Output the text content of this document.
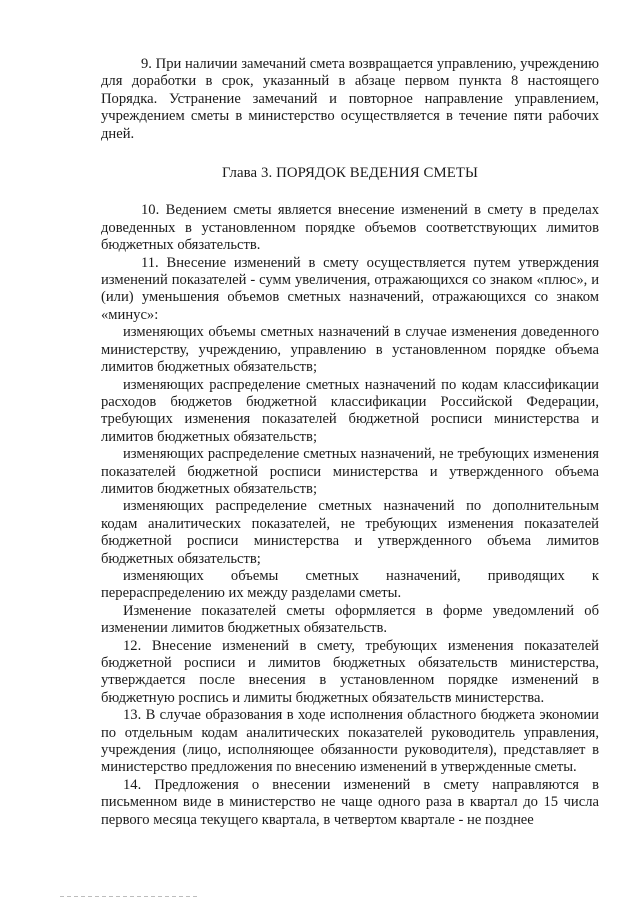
9. При наличии замечаний смета возвращается управлению, учреждению для доработки в срок, указанный в абзаце первом пункта 8 настоящего Порядка. Устранение замечаний и повторное направление управлением, учреждением сметы в министерство осуществляется в течение пяти рабочих дней.

Глава 3. ПОРЯДОК ВЕДЕНИЯ СМЕТЫ

10. Ведением сметы является внесение изменений в смету в пределах доведенных в установленном порядке объемов соответствующих лимитов бюджетных обязательств.

11. Внесение изменений в смету осуществляется путем утверждения изменений показателей - сумм увеличения, отражающихся со знаком «плюс», и (или) уменьшения объемов сметных назначений, отражающихся со знаком «минус»:

изменяющих объемы сметных назначений в случае изменения доведенного министерству, учреждению, управлению в установленном порядке объема лимитов бюджетных обязательств;

изменяющих распределение сметных назначений по кодам классификации расходов бюджетов бюджетной классификации Российской Федерации, требующих изменения показателей бюджетной росписи министерства и лимитов бюджетных обязательств;

изменяющих распределение сметных назначений, не требующих изменения показателей бюджетной росписи министерства и утвержденного объема лимитов бюджетных обязательств;

изменяющих распределение сметных назначений по дополнительным кодам аналитических показателей, не требующих изменения показателей бюджетной росписи министерства и утвержденного объема лимитов бюджетных обязательств;

изменяющих объемы сметных назначений, приводящих к перераспределению их между разделами сметы.

Изменение показателей сметы оформляется в форме уведомлений об изменении лимитов бюджетных обязательств.

12. Внесение изменений в смету, требующих изменения показателей бюджетной росписи и лимитов бюджетных обязательств министерства, утверждается после внесения в установленном порядке изменений в бюджетную роспись и лимиты бюджетных обязательств министерства.

13. В случае образования в ходе исполнения областного бюджета экономии по отдельным кодам аналитических показателей руководитель управления, учреждения (лицо, исполняющее обязанности руководителя), представляет в министерство предложения по внесению изменений в утвержденные сметы.

14. Предложения о внесении изменений в смету направляются в письменном виде в министерство не чаще одного раза в квартал до 15 числа первого месяца текущего квартала, в четвертом квартале - не позднее
